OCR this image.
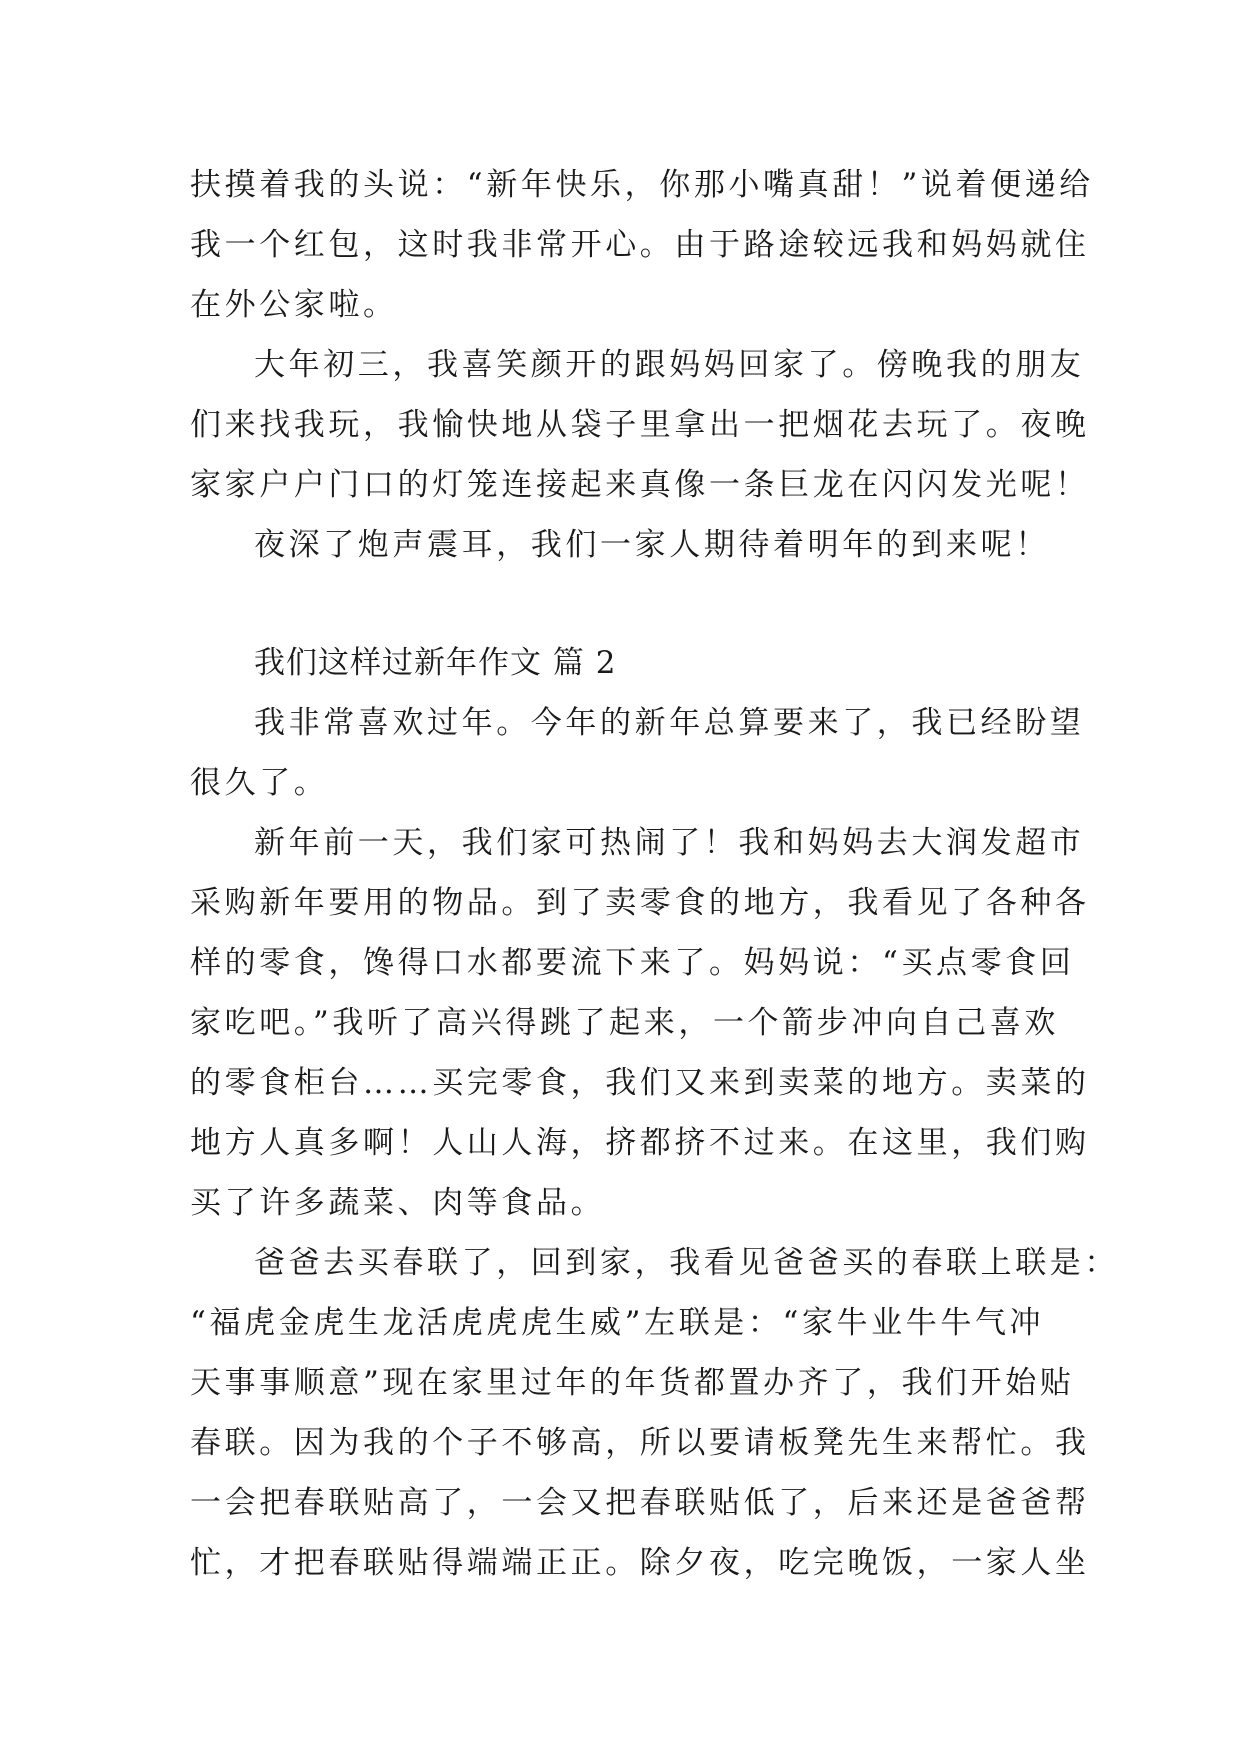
扶摸着我的头说：“新年快乐，你那小嘴真甜！”说着便递给
我一个红包，这时我非常开心。由于路途较远我和妈妈就住
在外公家啦。
大年初三，我喜笑颜开的跟妈妈回家了。傍晚我的朋友
们来找我玩，我愉快地从袋子里拿出一把烟花去玩了。夜晚
家家户户门口的灯笼连接起来真像一条巨龙在闪闪发光呢！
夜深了炮声震耳，我们一家人期待着明年的到来呢！
我们这样过新年作文 篇 2
我非常喜欢过年。今年的新年总算要来了，我已经盼望
很久了。
新年前一天，我们家可热闹了！我和妈妈去大润发超市
采购新年要用的物品。到了卖零食的地方，我看见了各种各
样的零食，馋得口水都要流下来了。妈妈说：“买点零食回
家吃吧。”我听了高兴得跳了起来，一个箭步冲向自己喜欢
的零食柜台……买完零食，我们又来到卖菜的地方。卖菜的
地方人真多啊！人山人海，挤都挤不过来。在这里，我们购
买了许多蔬菜、肉等食品。
爸爸去买春联了，回到家，我看见爸爸买的春联上联是：
“福虎金虎生龙活虎虎虎生威”左联是：“家牛业牛牛气冲
天事事顺意”现在家里过年的年货都置办齐了，我们开始贴
春联。因为我的个子不够高，所以要请板凳先生来帮忙。我
一会把春联贴高了，一会又把春联贴低了，后来还是爸爸帮
忙，才把春联贴得端端正正。除夕夜，吃完晚饭，一家人坐
